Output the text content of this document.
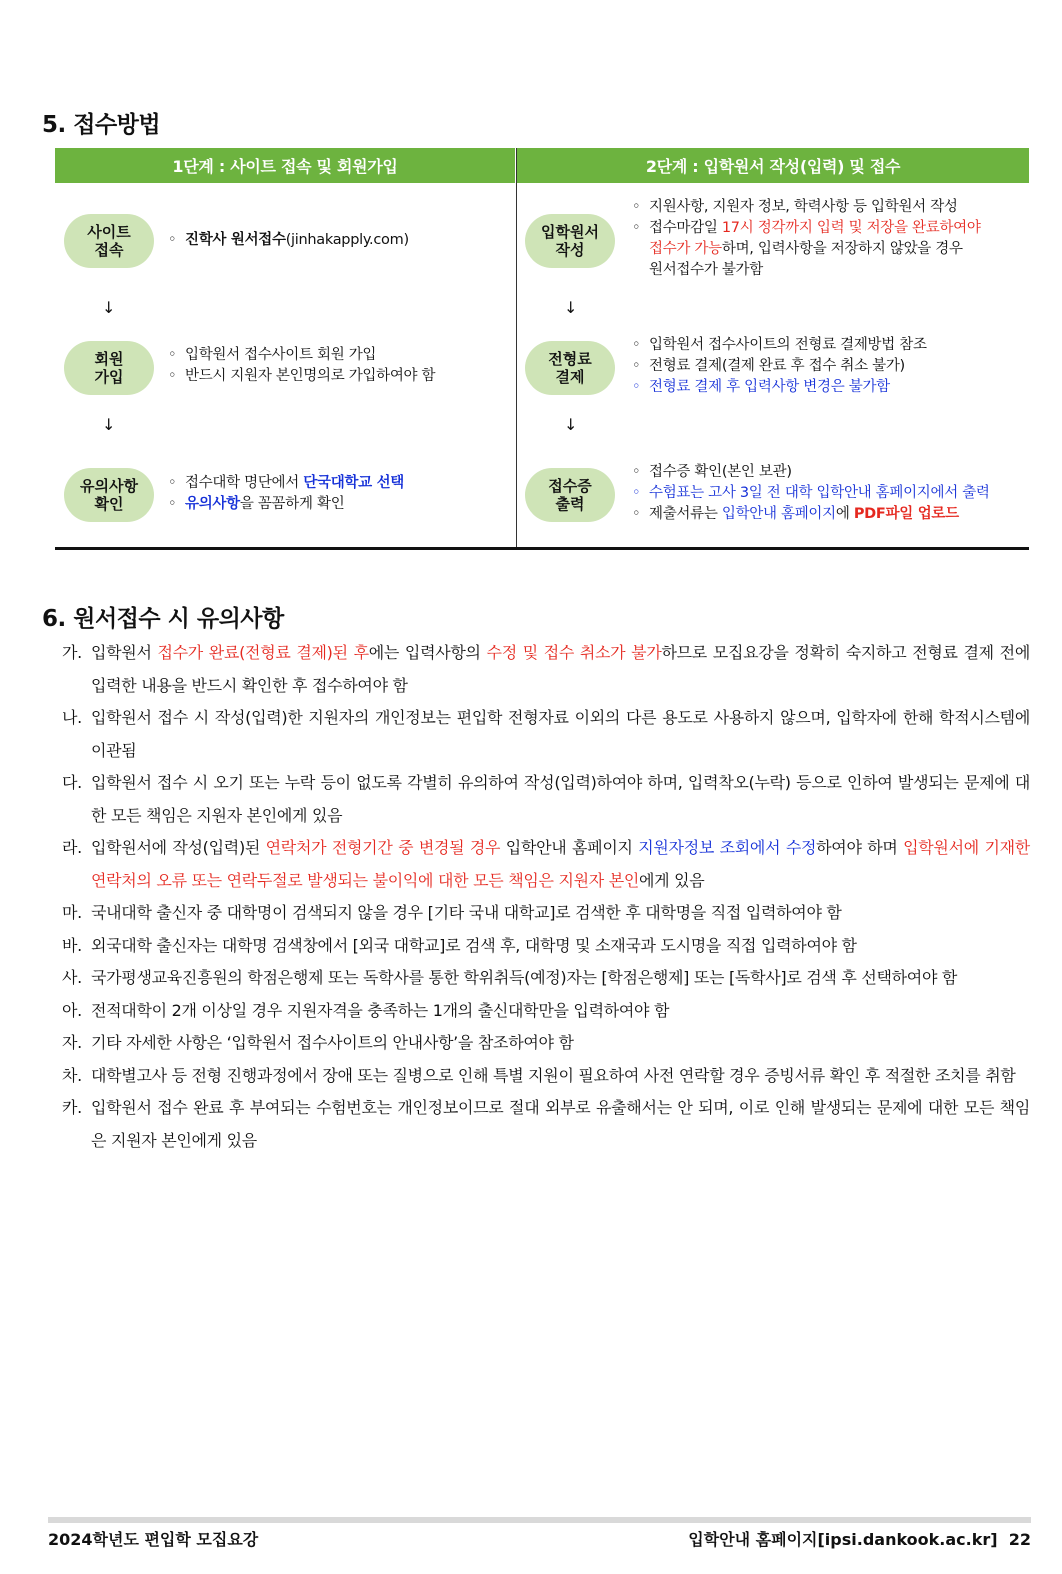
5. 접수방법
1단계 : 사이트 접속 및 회원가입	2단계 : 입학원서 작성(입력) 및 접수
사이트
접속
◦ 진학사 원서접수(jinhakapply.com)
↓
회원
가입
◦ 입학원서 접수사이트 회원 가입
◦ 반드시 지원자 본인명의로 가입하여야 함
↓
유의사항
확인
◦ 접수대학 명단에서 단국대학교 선택
◦ 유의사항을 꼼꼼하게 확인
입학원서
작성
◦ 지원사항, 지원자 정보, 학력사항 등 입학원서 작성
◦ 접수마감일 17시 정각까지 입력 및 저장을 완료하여야
접수가 가능하며, 입력사항을 저장하지 않았을 경우
원서접수가 불가함
↓
전형료
결제
◦ 입학원서 접수사이트의 전형료 결제방법 참조
◦ 전형료 결제(결제 완료 후 접수 취소 불가)
◦ 전형료 결제 후 입력사항 변경은 불가함
↓
접수증
출력
◦ 접수증 확인(본인 보관)
◦ 수험표는 고사 3일 전 대학 입학안내 홈페이지에서 출력
◦ 제출서류는 입학안내 홈페이지에 PDF파일 업로드
6. 원서접수 시 유의사항
가. 입학원서 접수가 완료(전형료 결제)된 후에는 입력사항의 수정 및 접수 취소가 불가하므로 모집요강을 정확히 숙지하고 전형료 결제 전에 입력한 내용을 반드시 확인한 후 접수하여야 함
나. 입학원서 접수 시 작성(입력)한 지원자의 개인정보는 편입학 전형자료 이외의 다른 용도로 사용하지 않으며, 입학자에 한해 학적시스템에 이관됨
다. 입학원서 접수 시 오기 또는 누락 등이 없도록 각별히 유의하여 작성(입력)하여야 하며, 입력착오(누락) 등으로 인하여 발생되는 문제에 대한 모든 책임은 지원자 본인에게 있음
라. 입학원서에 작성(입력)된 연락처가 전형기간 중 변경될 경우 입학안내 홈페이지 지원자정보 조회에서 수정하여야 하며 입학원서에 기재한 연락처의 오류 또는 연락두절로 발생되는 불이익에 대한 모든 책임은 지원자 본인에게 있음
마. 국내대학 출신자 중 대학명이 검색되지 않을 경우 [기타 국내 대학교]로 검색한 후 대학명을 직접 입력하여야 함
바. 외국대학 출신자는 대학명 검색창에서 [외국 대학교]로 검색 후, 대학명 및 소재국과 도시명을 직접 입력하여야 함
사. 국가평생교육진흥원의 학점은행제 또는 독학사를 통한 학위취득(예정)자는 [학점은행제] 또는 [독학사]로 검색 후 선택하여야 함
아. 전적대학이 2개 이상일 경우 지원자격을 충족하는 1개의 출신대학만을 입력하여야 함
자. 기타 자세한 사항은 ‘입학원서 접수사이트의 안내사항’을 참조하여야 함
차. 대학별고사 등 전형 진행과정에서 장애 또는 질병으로 인해 특별 지원이 필요하여 사전 연락할 경우 증빙서류 확인 후 적절한 조치를 취함
카. 입학원서 접수 완료 후 부여되는 수험번호는 개인정보이므로 절대 외부로 유출해서는 안 되며, 이로 인해 발생되는 문제에 대한 모든 책임은 지원자 본인에게 있음
2024학년도 편입학 모집요강	입학안내 홈페이지[ipsi.dankook.ac.kr] 22
